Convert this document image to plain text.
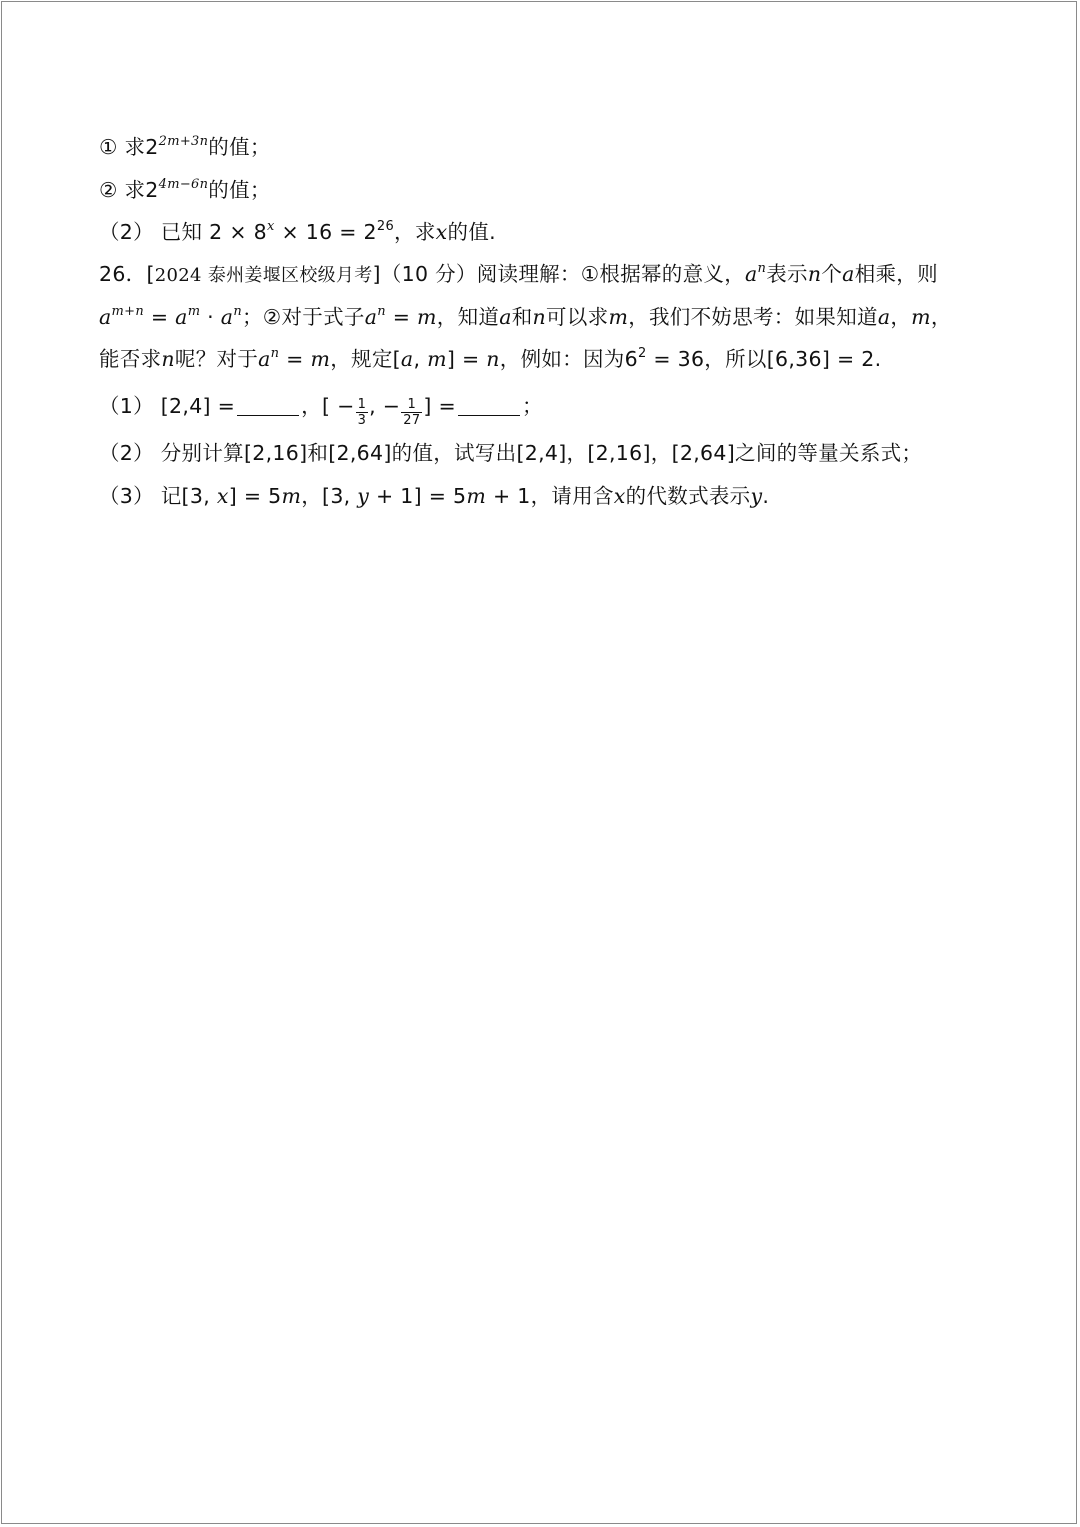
① 求$2^{2m+3n}$的值；
② 求$2^{4m-6n}$的值；
（2） 已知 $2 \times 8^x \times 16 = 2^{26}$，求x的值.
26．[2024 泰州姜堰区校级月考]（10 分）阅读理解：①根据幂的意义，$a^n$表示n个a相乘，则
$a^{m+n} = a^m \cdot a^n$；②对于式子$a^n = m$，知道a和n可以求m，我们不妨思考：如果知道a，m，
能否求n呢？对于$a^n = m$，规定[a, m] = n，例如：因为$6^2 = 36$，所以[6,36] = 2.
（1） [2,4] =	，[ − $\frac{1}{3}$ , − $\frac{1}{27}$ ] =	；
（2） 分别计算[2,16]和[2,64]的值，试写出[2,4]，[2,16]，[2,64]之间的等量关系式；
（3） 记[3, x] = 5m，[3, y + 1] = 5m + 1，请用含x的代数式表示y.
